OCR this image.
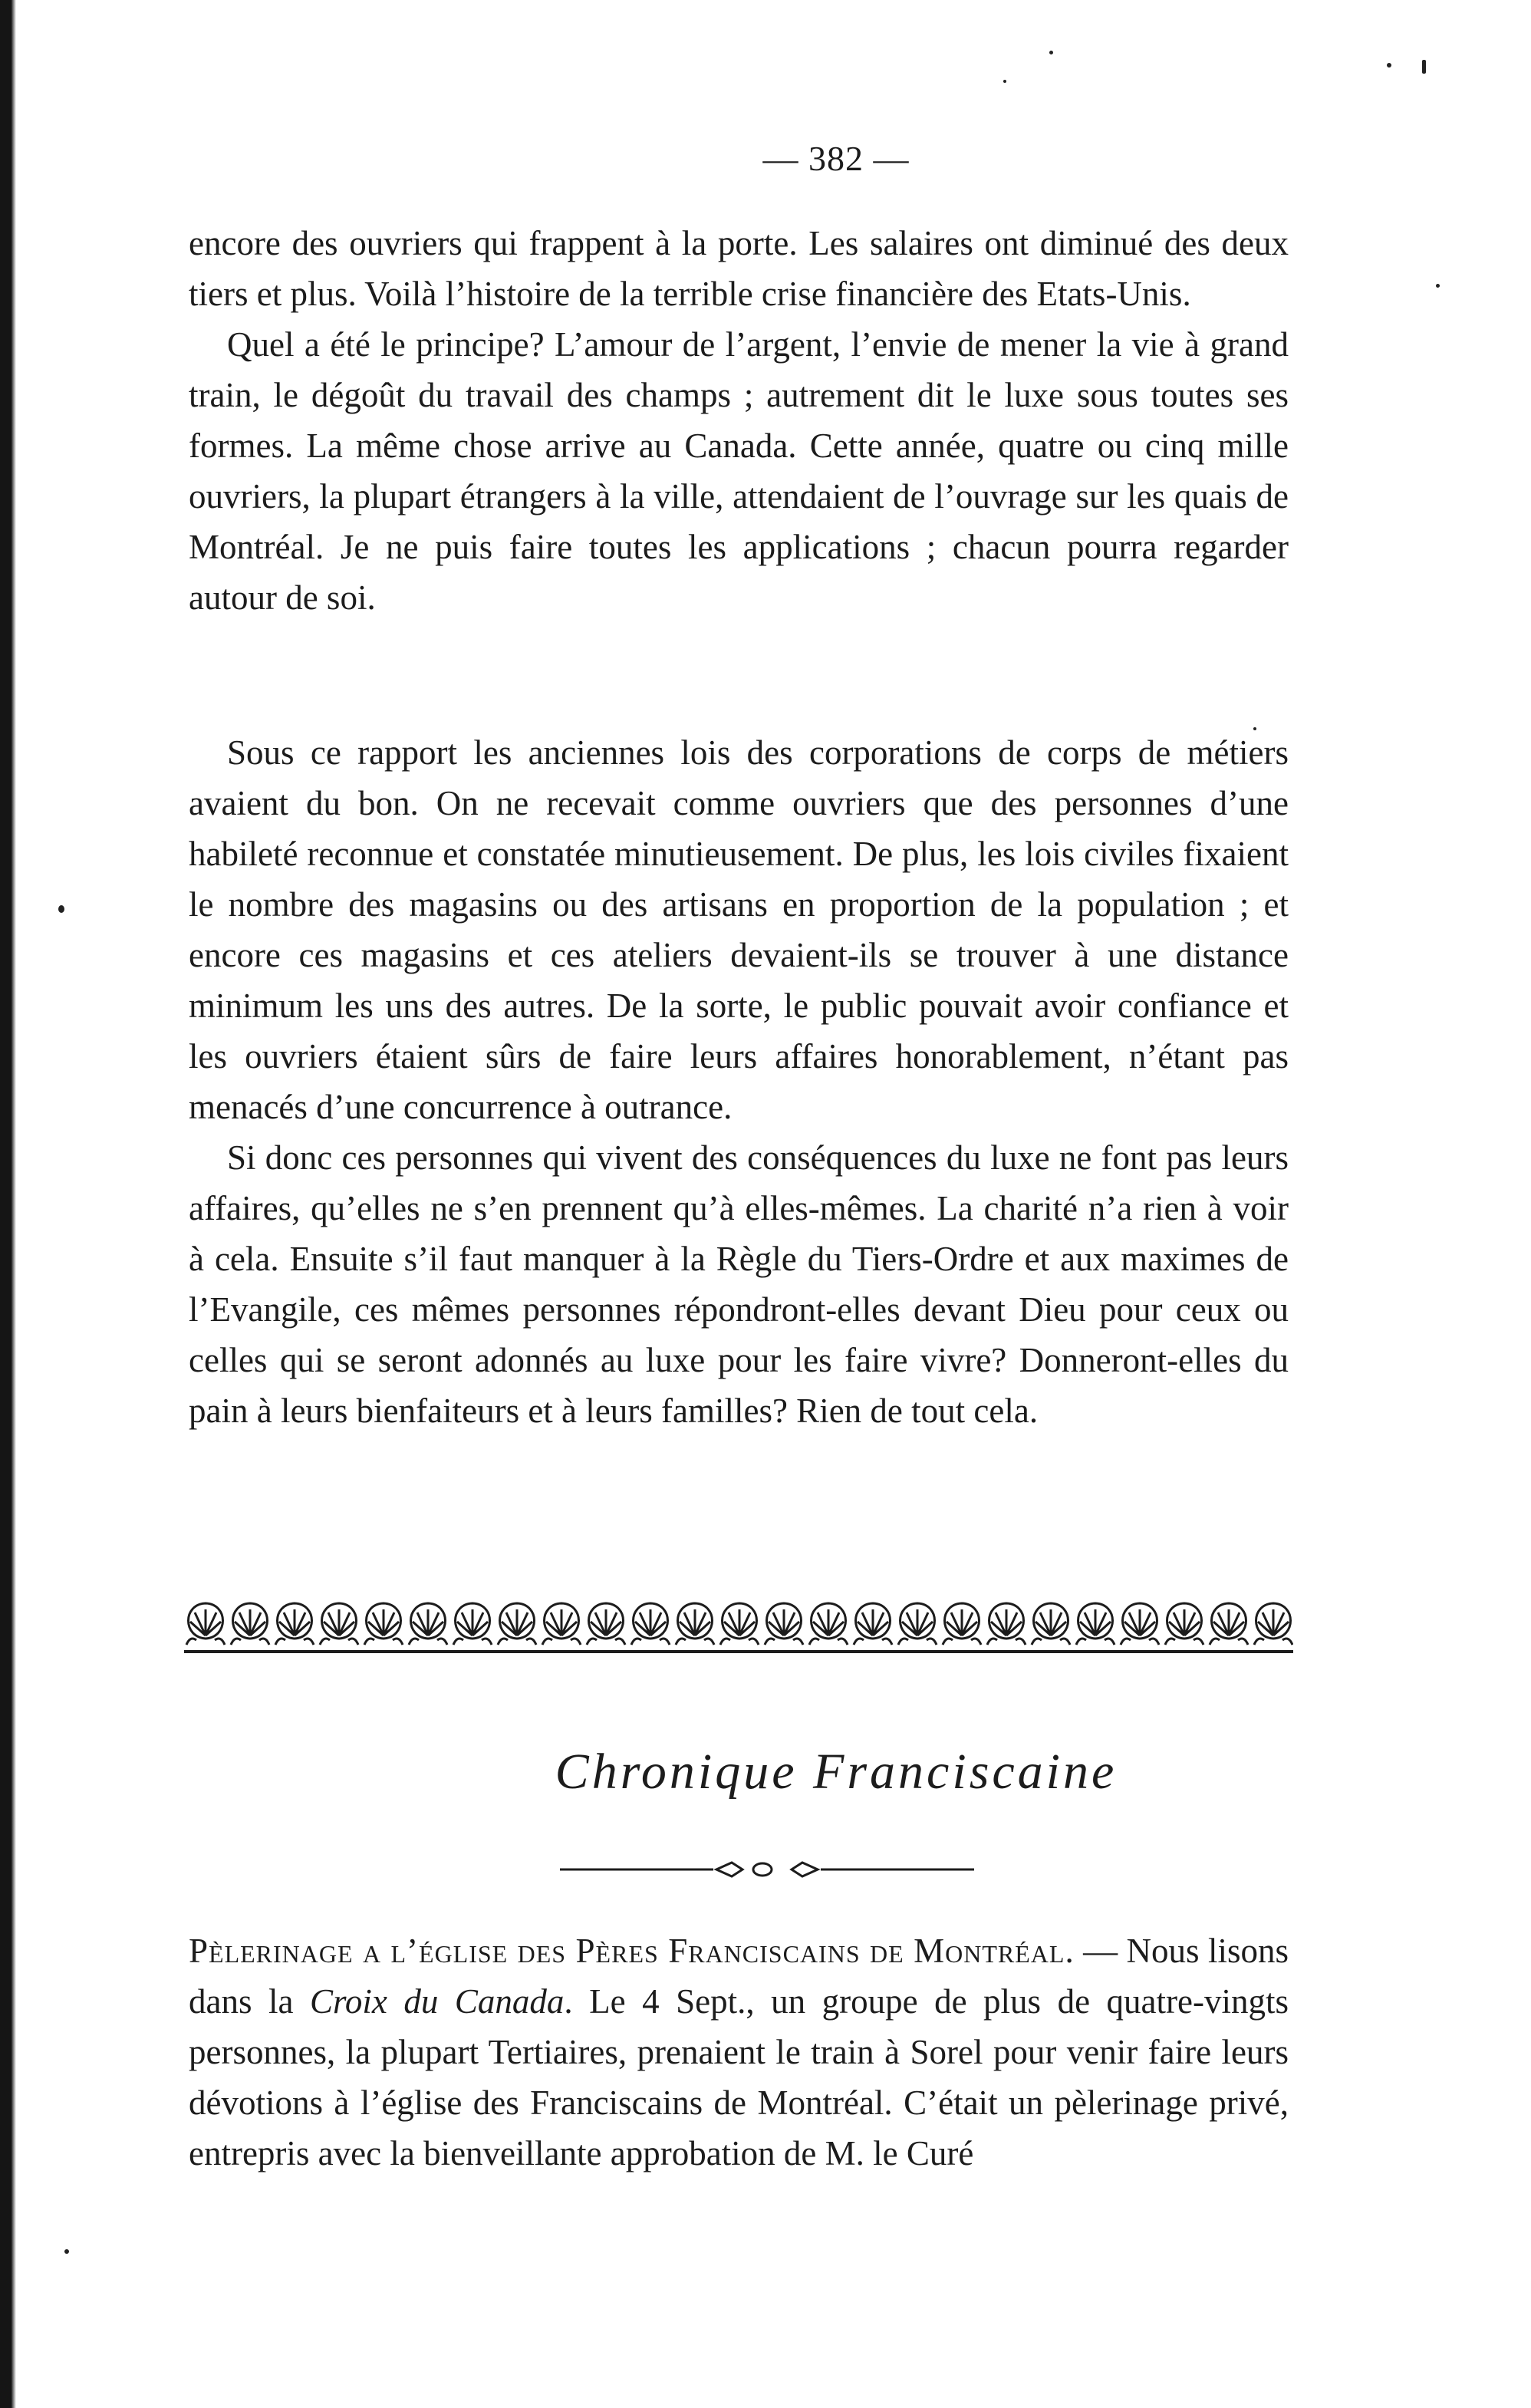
— 382 —

encore des ouvriers qui frappent à la porte. Les salaires ont diminué des deux tiers et plus. Voilà l’histoire de la terrible crise financière des Etats-Unis.

Quel a été le principe? L’amour de l’argent, l’envie de mener la vie à grand train, le dégoût du travail des champs ; autrement dit le luxe sous toutes ses formes. La même chose arrive au Canada. Cette année, quatre ou cinq mille ouvriers, la plupart étrangers à la ville, attendaient de l’ouvrage sur les quais de Montréal. Je ne puis faire toutes les applications ; chacun pourra regarder autour de soi.

Sous ce rapport les anciennes lois des corporations de corps de métiers avaient du bon. On ne recevait comme ouvriers que des personnes d’une habileté reconnue et constatée minutieusement. De plus, les lois civiles fixaient le nombre des magasins ou des artisans en proportion de la population ; et encore ces magasins et ces ateliers devaient-ils se trouver à une distance minimum les uns des autres. De la sorte, le public pouvait avoir confiance et les ouvriers étaient sûrs de faire leurs affaires honorablement, n’étant pas menacés d’une concurrence à outrance.

Si donc ces personnes qui vivent des conséquences du luxe ne font pas leurs affaires, qu’elles ne s’en prennent qu’à elles-mêmes. La charité n’a rien à voir à cela. Ensuite s’il faut manquer à la Règle du Tiers-Ordre et aux maximes de l’Evangile, ces mêmes personnes répondront-elles devant Dieu pour ceux ou celles qui se seront adonnés au luxe pour les faire vivre? Donneront-elles du pain à leurs bienfaiteurs et à leurs familles? Rien de tout cela.

Chronique Franciscaine

Pèlerinage a l’église des Pères Franciscains de Montréal. — Nous lisons dans la Croix du Canada. Le 4 Sept., un groupe de plus de quatre-vingts personnes, la plupart Tertiaires, prenaient le train à Sorel pour venir faire leurs dévotions à l’église des Franciscains de Montréal. C’était un pèlerinage privé, entrepris avec la bienveillante approbation de M. le Curé
